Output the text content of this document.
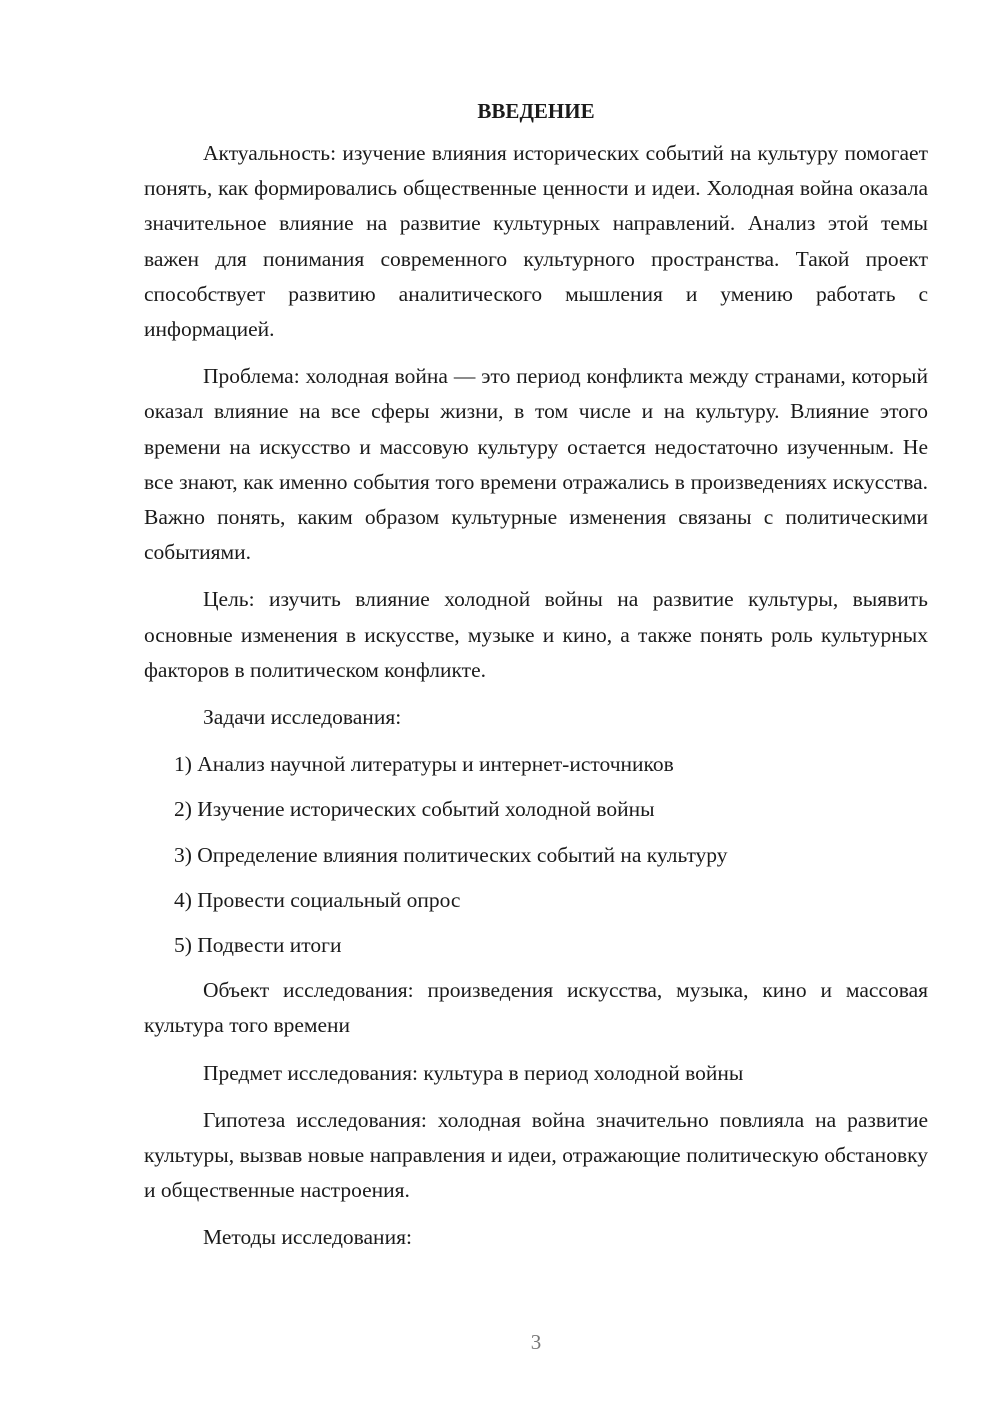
ВВЕДЕНИЕ

Актуальность: изучение влияния исторических событий на культуру помогает понять, как формировались общественные ценности и идеи. Холодная война оказала значительное влияние на развитие культурных направлений. Анализ этой темы важен для понимания современного культурного пространства. Такой проект способствует развитию аналитического мышления и умению работать с информацией.

Проблема: холодная война — это период конфликта между странами, который оказал влияние на все сферы жизни, в том числе и на культуру. Влияние этого времени на искусство и массовую культуру остается недостаточно изученным. Не все знают, как именно события того времени отражались в произведениях искусства. Важно понять, каким образом культурные изменения связаны с политическими событиями.

Цель: изучить влияние холодной войны на развитие культуры, выявить основные изменения в искусстве, музыке и кино, а также понять роль культурных факторов в политическом конфликте.

Задачи исследования:

1) Анализ научной литературы и интернет-источников
2) Изучение исторических событий холодной войны
3) Определение влияния политических событий на культуру
4) Провести социальный опрос
5) Подвести итоги

Объект исследования: произведения искусства, музыка, кино и массовая культура того времени

Предмет исследования: культура в период холодной войны

Гипотеза исследования: холодная война значительно повлияла на развитие культуры, вызвав новые направления и идеи, отражающие политическую обстановку и общественные настроения.

Методы исследования:

3
